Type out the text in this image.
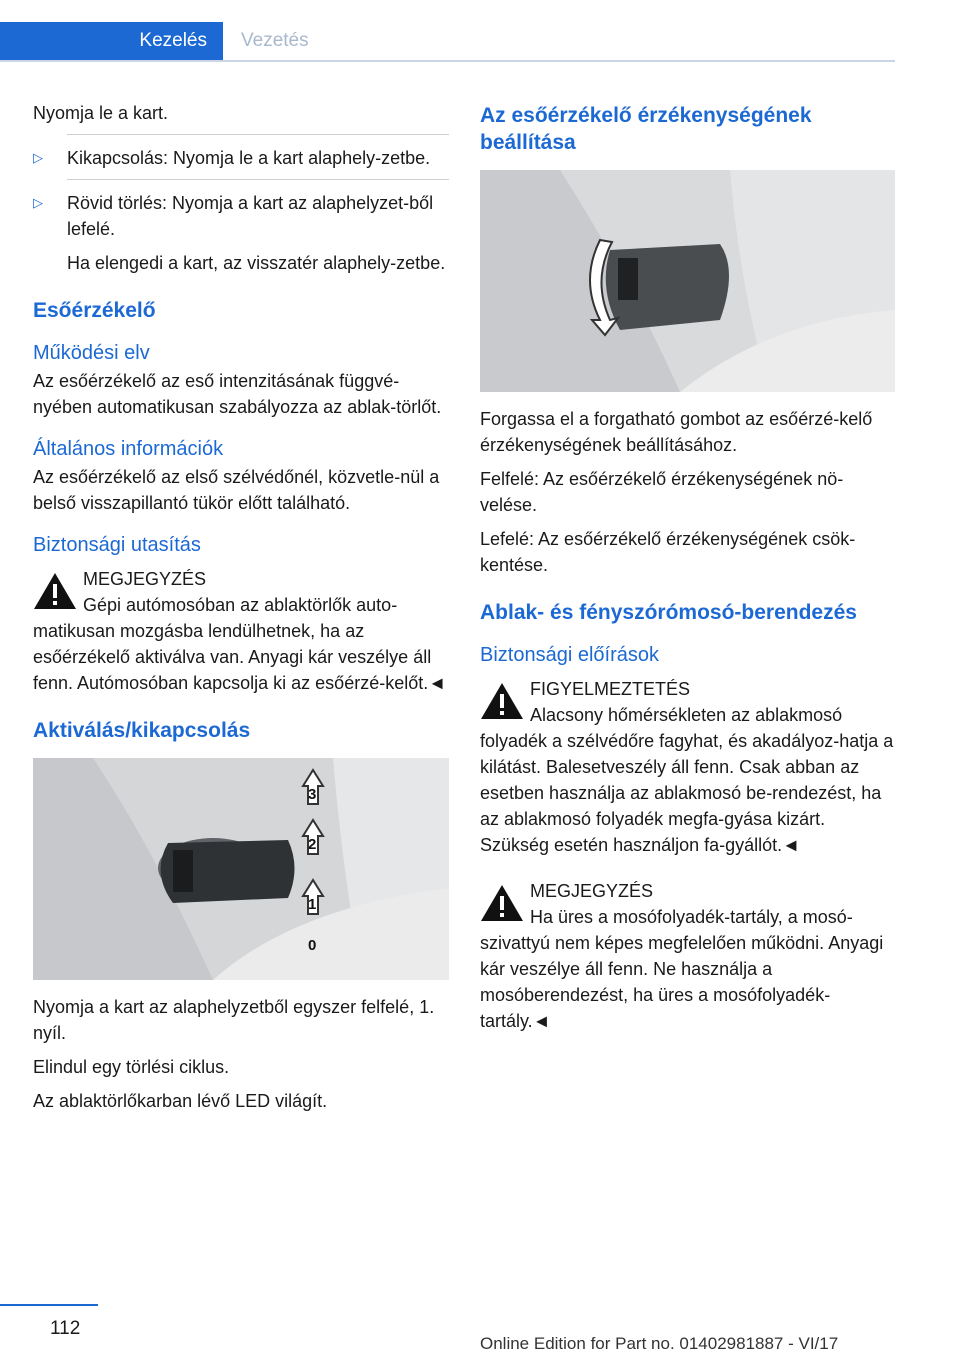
Kezelés	Vezetés

Nyomja le a kart.

▷ Kikapcsolás: Nyomja le a kart alaphely-zetbe.
▷ Rövid törlés: Nyomja a kart az alaphelyzet-ből lefelé.

Ha elengedi a kart, az visszatér alaphely-zetbe.

Esőérzékelő
Működési elv

Az esőérzékelő az eső intenzitásának függvé-nyében automatikusan szabályozza az ablak-törlőt.

Általános információk

Az esőérzékelő az első szélvédőnél, közvetle-nül a belső visszapillantó tükör előtt található.

Biztonsági utasítás
MEGJEGYZÉS
Gépi autómosóban az ablaktörlők auto-
matikusan mozgásba lendülhetnek, ha az esőérzékelő aktiválva van. Anyagi kár veszélye áll fenn. Autómosóban kapcsolja ki az esőérzé-kelőt.◄
Aktiválás/kikapcsolás
3
2
1
0

Nyomja a kart az alaphelyzetből egyszer felfelé, 1. nyíl.

Elindul egy törlési ciklus.

Az ablaktörlőkarban lévő LED világít.

Az esőérzékelő érzékenységének beállítása

Forgassa el a forgatható gombot az esőérzé-kelő érzékenységének beállításához.

Felfelé: Az esőérzékelő érzékenységének nö-velése.

Lefelé: Az esőérzékelő érzékenységének csök-kentése.

Ablak- és fényszórómosó-berendezés
Biztonsági előírások
FIGYELMEZTETÉS
Alacsony hőmérsékleten az ablakmosó
folyadék a szélvédőre fagyhat, és akadályoz-hatja a kilátást. Balesetveszély áll fenn. Csak abban az esetben használja az ablakmosó be-rendezést, ha az ablakmosó folyadék megfa-gyása kizárt. Szükség esetén használjon fa-gyállót.◄
MEGJEGYZÉS
Ha üres a mosófolyadék-tartály, a mosó-
szivattyú nem képes megfelelően működni. Anyagi kár veszélye áll fenn. Ne használja a mosóberendezést, ha üres a mosófolyadék-tartály.◄
112
Online Edition for Part no. 01402981887 - VI/17
